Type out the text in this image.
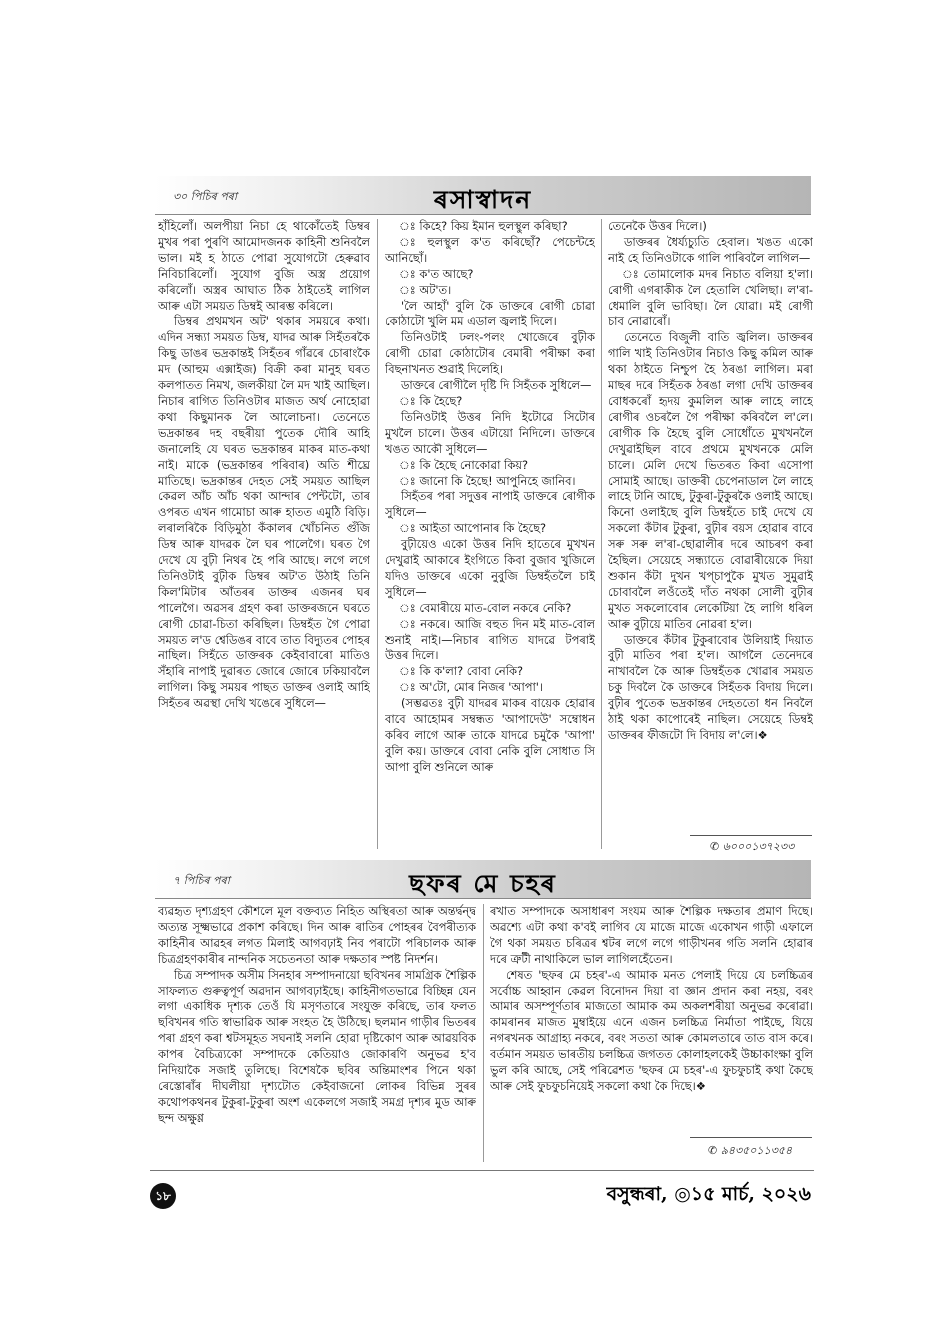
৩০ পিচিৰ পৰা	ৰসাস্বাদন

হাঁহিলোঁ। অলপীয়া নিচা হে থাকোঁতেই ডিম্বৰ মুখৰ পৰা পুৰণি আমোদজনক কাহিনী শুনিবলৈ ভাল। মই হ ঠাতে পোৱা সুযোগটো হেৰুৱাব নিবিচাৰিলোঁ। সুযোগ বুজি অস্ত্ৰ প্ৰয়োগ কৰিলোঁ। অস্ত্ৰৰ আঘাত ঠিক ঠাইতেই লাগিল আৰু এটা সময়ত ডিম্বই আৰম্ভ কৰিলে।

ডিম্বৰ প্ৰথমখন অট' থকাৰ সময়ৰে কথা। এদিন সন্ধ্যা সময়ত ডিম্ব, যাদৱ আৰু সিহঁতৰকৈ কিছু ডাঙৰ ভদ্ৰকান্তই সিহঁতৰ গাঁৱৰে চোৰাংকৈ মদ (আহুম এক্সাইজ) বিক্ৰী কৰা মানুহ ঘৰত কলপাতত নিমখ, জলকীয়া লৈ মদ খাই আছিল। নিচাৰ ৰাগিত তিনিওটাৰ মাজত অৰ্থ নোহোৱা কথা কিছুমানক লৈ আলোচনা। তেনেতে ভদ্ৰকান্তৰ দহ বছৰীয়া পুতেক দৌৰি আহি জনালেহি যে ঘৰত ভদ্ৰকান্তৰ মাকৰ মাত-কথা নাই। মাকে (ভদ্ৰকান্তৰ পৰিবাৰ) অতি শীঘ্ৰে মাতিছে। ভদ্ৰকান্তৰ দেহত সেই সময়ত আছিল কেৱল আঁচ আঁচ থকা আন্দাৰ পেন্টটো, তাৰ ওপৰত এখন গামোচা আৰু হাতত এমুঠি বিড়ি। লৰালৰিকৈ বিড়িমুঠা কঁকালৰ খোঁচনিত গুঁজি ডিম্ব আৰু যাদৱক লৈ ঘৰ পালেগৈ। ঘৰত গৈ দেখে যে বুঢ়ী নিথৰ হৈ পৰি আছে। লগে লগে তিনিওটাই বুঢ়ীক ডিম্বৰ অট'ত উঠাই তিনি কিল'মিটাৰ আঁতৰৰ ডাক্তৰ এজনৰ ঘৰ পালেগৈ। অৱসৰ গ্ৰহণ কৰা ডাক্তৰজনে ঘৰতে ৰোগী চোৱা-চিতা কৰিছিল। ডিম্বহঁত গৈ পোৱা সময়ত ল'ড শ্বেডিঙৰ বাবে তাত বিদ্যুতৰ পোহৰ নাছিল। সিহঁতে ডাক্তৰক কেইবাবাৰো মাতিও সঁহাৰি নাপাই দুৱাৰত জোৰে জোৰে ঢকিয়াবলৈ লাগিল। কিছু সময়ৰ পাছত ডাক্তৰ ওলাই আহি সিহঁতৰ অৱস্থা দেখি খঙেৰে সুধিলে—

ঃ কিহে? কিয় ইমান হুলস্থুল কৰিছা?

ঃ হুলস্থুল ক'ত কৰিছোঁ? পেচেন্টহে আনিছোঁ।

ঃ ক'ত আছে?

ঃ অট'ত।

'লৈ আহাঁ' বুলি কৈ ডাক্তৰে ৰোগী চোৱা কোঠাটো খুলি মম এডাল জ্বলাই দিলে।

তিনিওটাই ঢলং-পলং খোজেৰে বুঢ়ীক ৰোগী চোৱা কোঠাটোৰ বেমাৰী পৰীক্ষা কৰা বিছনাখনত শুৱাই দিলেহি।

ডাক্তৰে ৰোগীলৈ দৃষ্টি দি সিহঁতক সুধিলে—

ঃ কি হৈছে?

তিনিওটাই উত্তৰ নিদি ইটোৱে সিটোৰ মুখলৈ চালে। উত্তৰ এটায়ো নিদিলে। ডাক্তৰে খঙত আকৌ সুধিলে—

ঃ কি হৈছে নোকোৱা কিয়?

ঃ জানো কি হৈছে! আপুনিহে জানিব।

সিহঁতৰ পৰা সদুত্তৰ নাপাই ডাক্তৰে ৰোগীক সুধিলে—

ঃ আইতা আপোনাৰ কি হৈছে?

বুঢ়ীয়েও একো উত্তৰ নিদি হাতেৰে মুখখন দেখুৱাই আকাৰে ইংগিতে কিবা বুজাব খুজিলে যদিও ডাক্তৰে একো নুবুজি ডিম্বহঁতলৈ চাই সুধিলে—

ঃ বেমাৰীয়ে মাত-বোল নকৰে নেকি?

ঃ নকৰে। আজি বহুত দিন মই মাত-বোল শুনাই নাই।—নিচাৰ ৰাগিত যাদৱে টপৰাই উত্তৰ দিলে।

ঃ কি ক'লা? বোবা নেকি?

ঃ অ'টো, মোৰ নিজৰ 'আপা'।

(সম্ভৱতঃ বুঢ়ী যাদৱৰ মাকৰ বায়েক হোৱাৰ বাবে আহোমৰ সম্বন্ধত 'আপাদেউ' সম্বোধন কৰিব লাগে আৰু তাকে যাদৱে চমুকৈ 'আপা' বুলি কয়। ডাক্তৰে বোবা নেকি বুলি সোধাত সি আপা বুলি শুনিলে আৰু

তেনেকৈ উত্তৰ দিলে।)

ডাক্তৰৰ ধৈৰ্য্যচ্যুতি হেবাল। খঙত একো নাই হে তিনিওটাকে গালি পাৰিবলৈ লাগিল—

ঃ তোমালোক মদৰ নিচাত বলিয়া হ'লা। ৰোগী এগৰাকীক লৈ হেতালি খেলিছা। ল'ৰা-ধেমালি বুলি ভাবিছা। লৈ যোৱা। মই ৰোগী চাব নোৱাৰোঁ।

তেনেতে বিজুলী বাতি জ্বলিল। ডাক্তৰৰ গালি খাই তিনিওটাৰ নিচাও কিছু কমিল আৰু থকা ঠাইতে নিশ্চুপ হৈ ঠৰঙা লাগিল। মৰা মাছৰ দৰে সিহঁতক ঠৰঙা লগা দেখি ডাক্তৰৰ বোধকৰোঁ হৃদয় কুমলিল আৰু লাহে লাহে ৰোগীৰ ওচৰলৈ গৈ পৰীক্ষা কৰিবলৈ ল'লে। ৰোগীক কি হৈছে বুলি সোধোঁতে মুখখনলৈ দেখুৱাইছিল বাবে প্ৰথমে মুখখনকে মেলি চালে। মেলি দেখে ভিতৰত কিবা এসোপা সোমাই আছে। ডাক্তৰী চেপেনাডাল লৈ লাহে লাহে টানি আছে, টুকুৰা-টুকুৰকৈ ওলাই আছে। কিনো ওলাইছে বুলি ডিম্বহঁতে চাই দেখে যে সকলো কঁটাৰ টুকুৰা, বুঢ়ীৰ বয়স হোৱাৰ বাবে সৰু সৰু ল'ৰা-ছোৱালীৰ দৰে আচৰণ কৰা হৈছিল। সেয়েহে সন্ধ্যাতে বোৱাৰীয়েকে দিয়া শুকান কঁটা দুখন খপ্‌চাপুকৈ মুখত সুমুৱাই চোবাবলৈ লওঁতেই দাঁত নথকা সোলী বুঢ়ীৰ মুখত সকলোবোৰ লেকেটিয়া হৈ লাগি ধৰিল আৰু বুঢ়ীয়ে মাতিব নোৱৰা হ'ল।

ডাক্তৰে কঁটাৰ টুকুৰাবোৰ উলিয়াই দিয়াত বুঢ়ী মাতিব পৰা হ'ল। আগলৈ তেনেদৰে নাখাবলৈ কৈ আৰু ডিম্বহঁতক খোৱাৰ সময়ত চকু দিবলৈ কৈ ডাক্তৰে সিহঁতক বিদায় দিলে। বুঢ়ীৰ পুতেক ভদ্ৰকান্তৰ দেহততো ধন নিবলৈ ঠাই থকা কাপোৰেই নাছিল। সেয়েহে ডিম্বই ডাক্তৰৰ ফীজটো দি বিদায় ল'লে।❖

✆ ৬০০০১৩৭২৩৩
৭ পিচিৰ পৰা	ছফৰ মে চহৰ

ব্যৱহৃত দৃশ্যগ্ৰহণ কৌশলে মূল বক্তব্যত নিহিত অস্থিৰতা আৰু অন্তৰ্দ্বন্দ্ব অত্যন্ত সূক্ষ্মভাৱে প্ৰকাশ কৰিছে। দিন আৰু ৰাতিৰ পোহৰৰ বৈপৰীত্যক কাহিনীৰ আৱহৰ লগত মিলাই আগবঢ়াই নিব পৰাটো পৰিচালক আৰু চিত্ৰগ্ৰহণকাৰীৰ নান্দনিক সচেতনতা আৰু দক্ষতাৰ স্পষ্ট নিদৰ্শন।

চিত্ৰ সম্পাদক অসীম সিনহাৰ সম্পাদনায়ো ছবিখনৰ সামগ্ৰিক শৈল্পিক সাফল্যত গুৰুত্বপূৰ্ণ অৱদান আগবঢ়াইছে। কাহিনীগতভাৱে বিচ্ছিন্ন যেন লগা একাধিক দৃশ্যক তেওঁ যি মসৃণতাৰে সংযুক্ত কৰিছে, তাৰ ফলত ছবিখনৰ গতি স্বাভাৱিক আৰু সংহত হৈ উঠিছে। ছলমান গাড়ীৰ ভিতৰৰ পৰা গ্ৰহণ কৰা শ্বটসমূহত সঘনাই সলনি হোৱা দৃষ্টিকোণ আৰু আৱয়বিক কাপৰ বৈচিত্ৰ্যকো সম্পাদকে কেতিয়াও জোকাৰণি অনুভৱ হ'ব নিদিয়াকৈ সজাই তুলিছে। বিশেষকৈ ছবিৰ অন্তিমাংশৰ পিনে থকা ৰেস্তোৰাঁৰ দীঘলীয়া দৃশ্যটোত কেইবাজনো লোকৰ বিভিন্ন সুৰৰ কথোপকথনৰ টুকুৰা-টুকুৰা অংশ একেলগে সজাই সমগ্ৰ দৃশ্যৰ মুড আৰু ছন্দ অক্ষুণ্ণ

ৰখাত সম্পাদকে অসাধাৰণ সংযম আৰু শৈল্পিক দক্ষতাৰ প্ৰমাণ দিছে। অৱশ্যে এটা কথা ক'বই লাগিব যে মাজে মাজে একোখন গাড়ী এফালে গৈ থকা সময়ত চৰিত্ৰৰ শ্বটৰ লগে লগে গাড়ীখনৰ গতি সলনি হোৱাৰ দৰে ত্ৰুটী নাথাকিলে ভাল লাগিলহেঁতেন।

শেষত 'ছফৰ মে চহৰ'-এ আমাক মনত পেলাই দিয়ে যে চলচ্চিত্ৰৰ সৰ্বোচ্চ আহ্বান কেৱল বিনোদন দিয়া বা জ্ঞান প্ৰদান কৰা নহয়, বৰং আমাৰ অসম্পূৰ্ণতাৰ মাজতো আমাক কম অকলশৰীয়া অনুভৱ কৰোৱা। কামৰানৰ মাজত মুম্বাইয়ে এনে এজন চলচ্চিত্ৰ নিৰ্মাতা পাইছে, যিয়ে নগৰখনক আগ্ৰাহ্য নকৰে, বৰং সততা আৰু কোমলতাৰে তাত বাস কৰে। বৰ্তমান সময়ত ভাৰতীয় চলচ্চিত্ৰ জগতত কোলাহলকেই উচ্চাকাংক্ষা বুলি ভুল কৰি আছে, সেই পৰিৱেশত 'ছফৰ মে চহৰ'-এ ফুচফুচাই কথা কৈছে আৰু সেই ফুচফুচনিয়েই সকলো কথা কৈ দিছে।❖

✆ ৯৪৩৫০১১৩৫৪
১৮	বসুন্ধৰা, ◎১৫ মাৰ্চ, ২০২৬
